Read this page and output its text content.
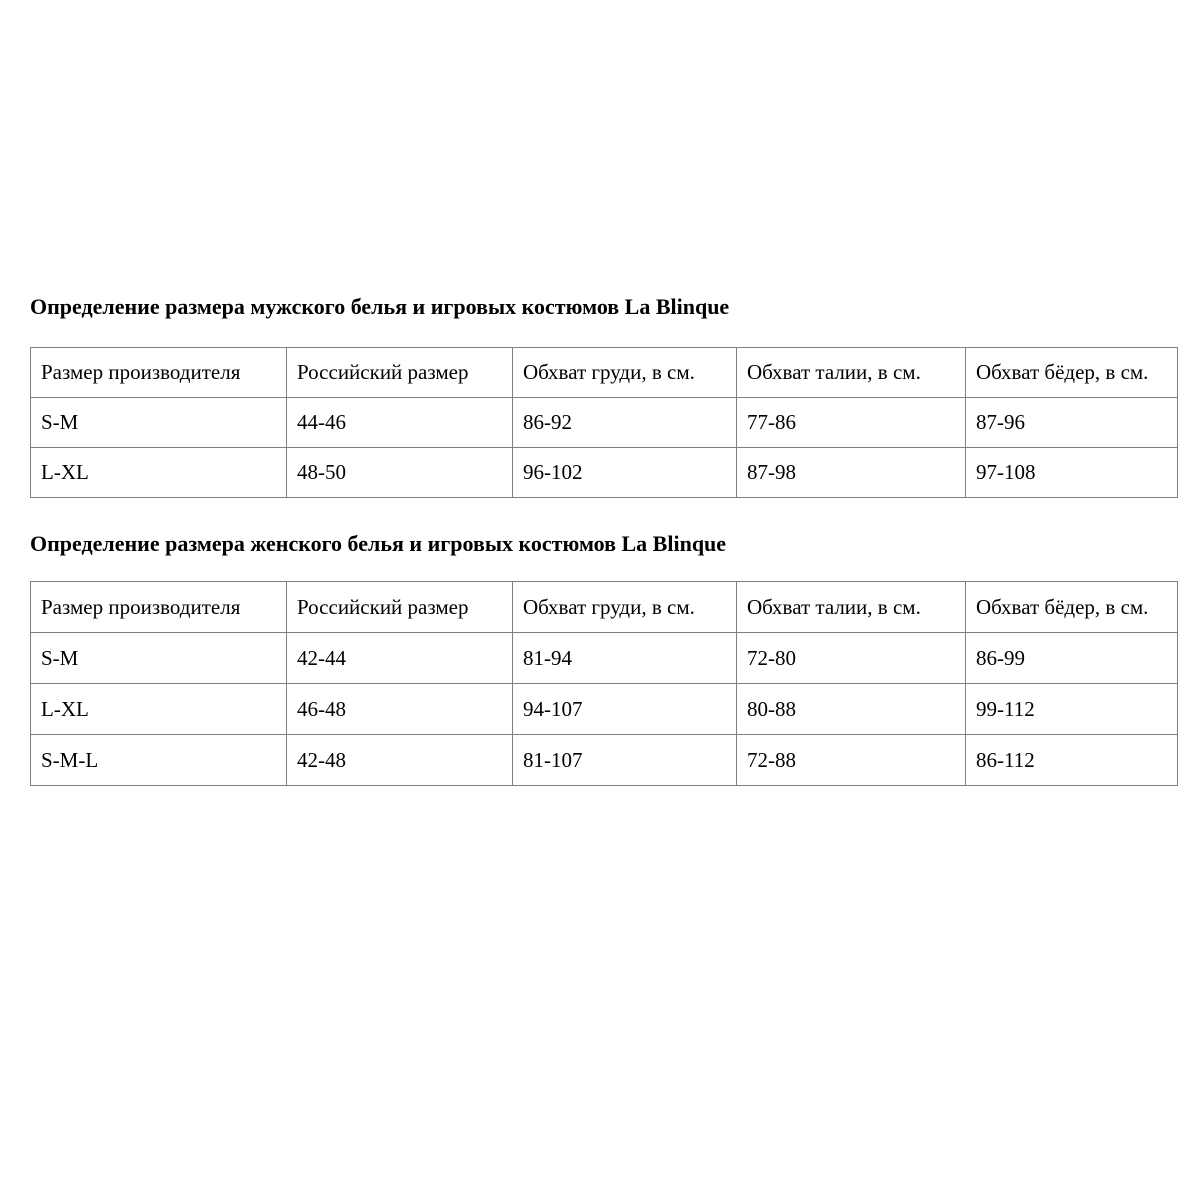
Определение размера мужского белья и игровых костюмов La Blinque

Размер производителя	Российский размер	Обхват груди, в см.	Обхват талии, в см.	Обхват бёдер, в см.
S-M	44-46	86-92	77-86	87-96
L-XL	48-50	96-102	87-98	97-108

Определение размера женского белья и игровых костюмов La Blinque

Размер производителя	Российский размер	Обхват груди, в см.	Обхват талии, в см.	Обхват бёдер, в см.
S-M	42-44	81-94	72-80	86-99
L-XL	46-48	94-107	80-88	99-112
S-M-L	42-48	81-107	72-88	86-112
